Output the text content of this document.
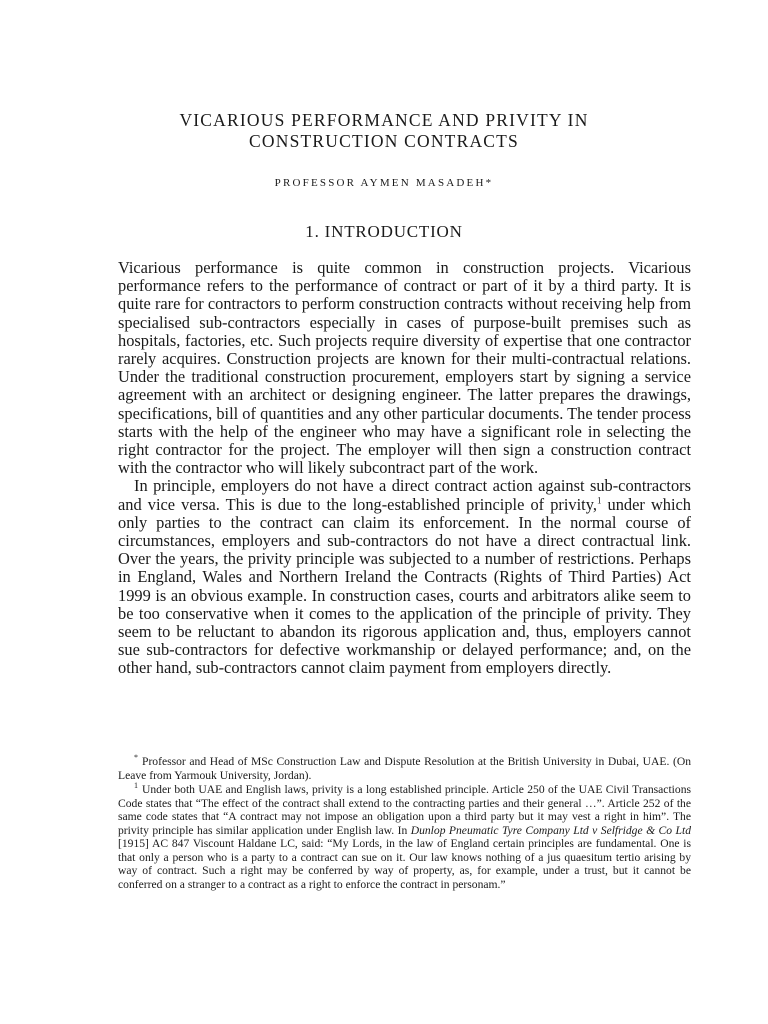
VICARIOUS PERFORMANCE AND PRIVITY IN
CONSTRUCTION CONTRACTS

PROFESSOR AYMEN MASADEH*

1. INTRODUCTION

Vicarious performance is quite common in construction projects. Vicarious performance refers to the performance of contract or part of it by a third party. It is quite rare for contractors to perform construction contracts without receiving help from specialised sub-contractors especially in cases of purpose-built premises such as hospitals, factories, etc. Such projects require diversity of expertise that one contractor rarely acquires. Construction projects are known for their multi-contractual relations. Under the traditional construction procurement, employers start by signing a service agreement with an architect or designing engineer. The latter prepares the drawings, specifications, bill of quantities and any other particular documents. The tender process starts with the help of the engineer who may have a significant role in selecting the right contractor for the project. The employer will then sign a construction contract with the contractor who will likely subcontract part of the work.

In principle, employers do not have a direct contract action against sub-contractors and vice versa. This is due to the long-established principle of privity,$^1$ under which only parties to the contract can claim its enforcement. In the normal course of circumstances, employers and sub-contractors do not have a direct contractual link. Over the years, the privity principle was subjected to a number of restrictions. Perhaps in England, Wales and Northern Ireland the Contracts (Rights of Third Parties) Act 1999 is an obvious example. In construction cases, courts and arbitrators alike seem to be too conservative when it comes to the application of the principle of privity. They seem to be reluctant to abandon its rigorous application and, thus, employers cannot sue sub-contractors for defective workmanship or delayed performance; and, on the other hand, sub-contractors cannot claim payment from employers directly.

* Professor and Head of MSc Construction Law and Dispute Resolution at the British University in Dubai, UAE. (On Leave from Yarmouk University, Jordan).

$^1$ Under both UAE and English laws, privity is a long established principle. Article 250 of the UAE Civil Transactions Code states that “The effect of the contract shall extend to the contracting parties and their general …”. Article 252 of the same code states that “A contract may not impose an obligation upon a third party but it may vest a right in him”. The privity principle has similar application under English law. In Dunlop Pneumatic Tyre Company Ltd v Selfridge & Co Ltd [1915] AC 847 Viscount Haldane LC, said: “My Lords, in the law of England certain principles are fundamental. One is that only a person who is a party to a contract can sue on it. Our law knows nothing of a jus quaesitum tertio arising by way of contract. Such a right may be conferred by way of property, as, for example, under a trust, but it cannot be conferred on a stranger to a contract as a right to enforce the contract in personam.”
